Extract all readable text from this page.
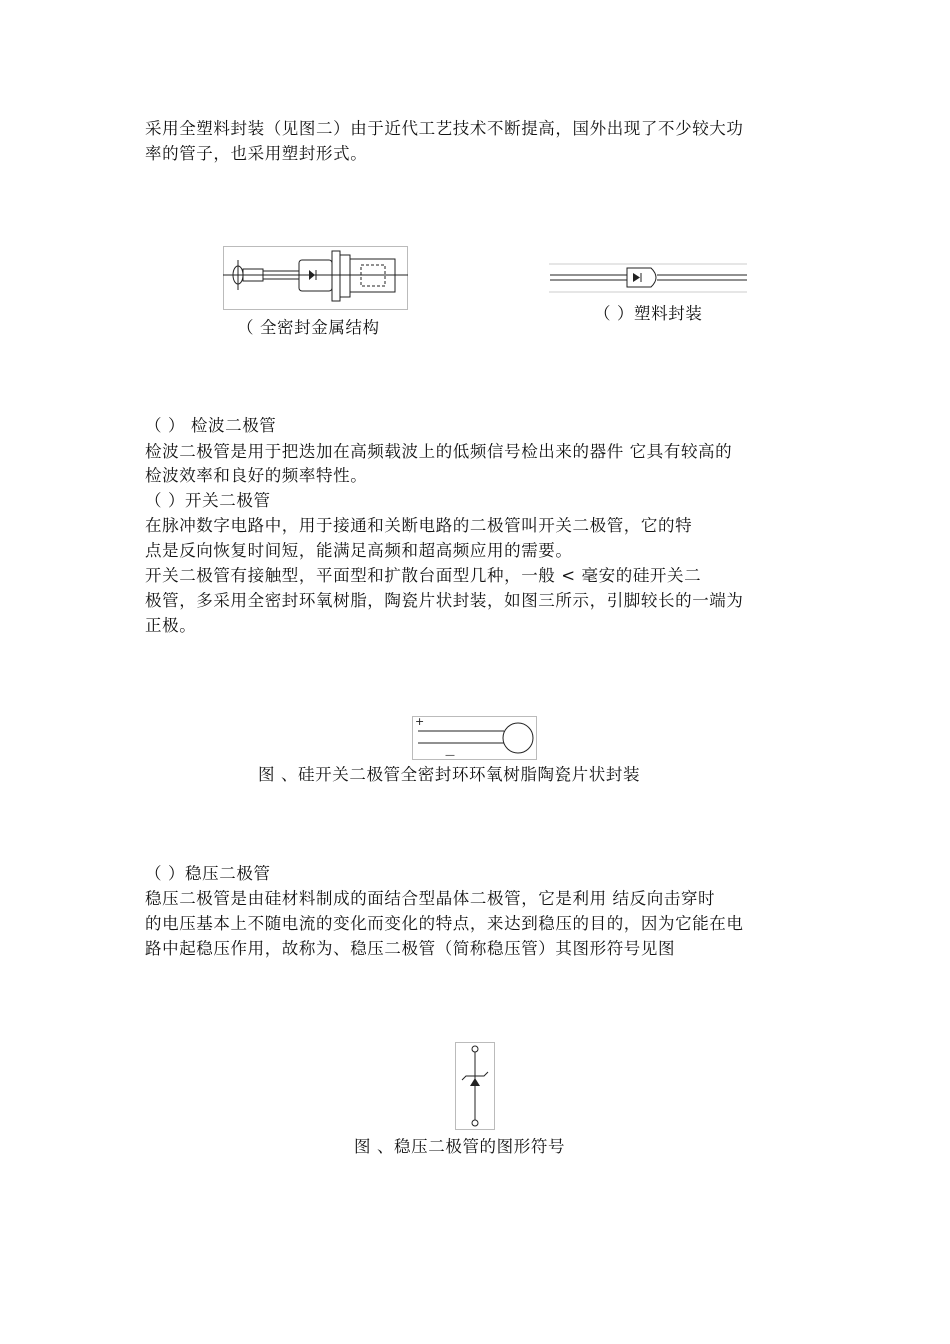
采用全塑料封装（见图二）由于近代工艺技术不断提高，国外出现了不少较大功
率的管子，也采用塑封形式。
（ 全密封金属结构
（ ）塑料封装
（ ） 检波二极管
检波二极管是用于把迭加在高频载波上的低频信号检出来的器件 它具有较高的
检波效率和良好的频率特性。
（ ）开关二极管
在脉冲数字电路中，用于接通和关断电路的二极管叫开关二极管，它的特
点是反向恢复时间短，能满足高频和超高频应用的需要。
开关二极管有接触型，平面型和扩散台面型几种，一般 < 毫安的硅开关二
极管，多采用全密封环氧树脂，陶瓷片状封装，如图三所示，引脚较长的一端为
正极。
+
—
图 、硅开关二极管全密封环环氧树脂陶瓷片状封装
（ ）稳压二极管
稳压二极管是由硅材料制成的面结合型晶体二极管，它是利用 结反向击穿时
的电压基本上不随电流的变化而变化的特点，来达到稳压的目的，因为它能在电
路中起稳压作用，故称为、稳压二极管（简称稳压管）其图形符号见图
图 、稳压二极管的图形符号
